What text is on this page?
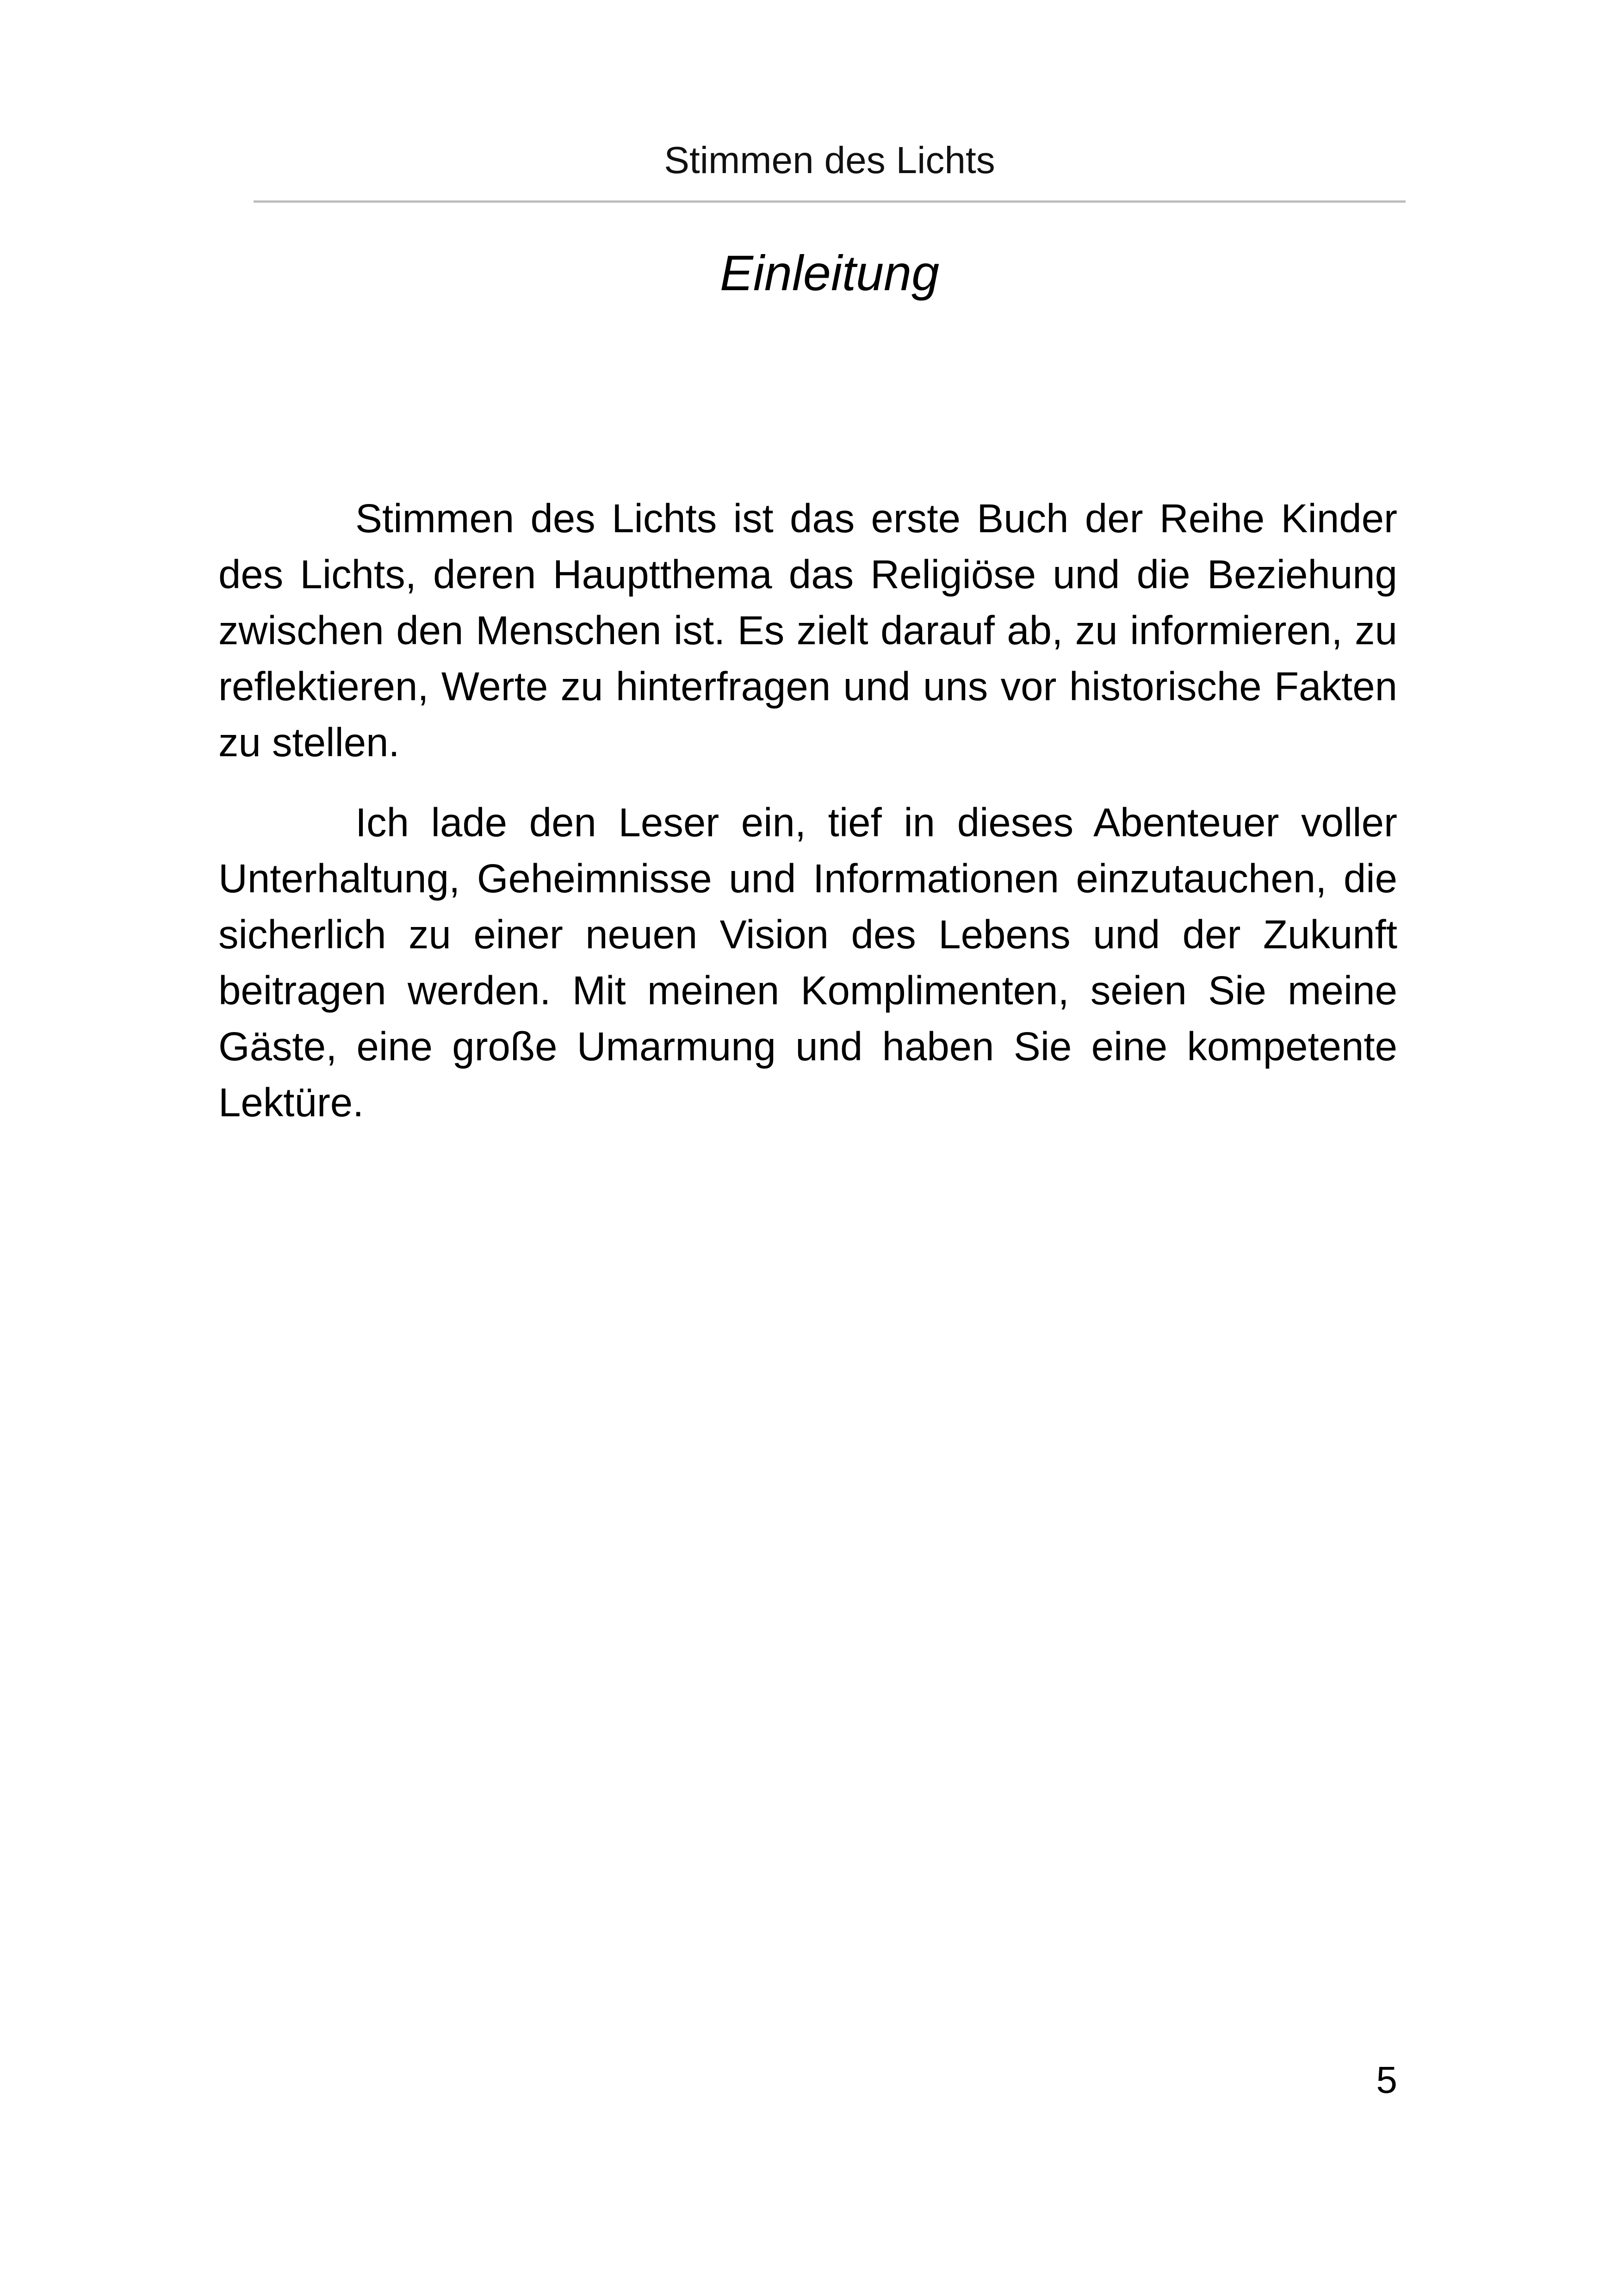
Stimmen des Lichts
Einleitung

Stimmen des Lichts ist das erste Buch der Reihe Kinder des Lichts, deren Hauptthema das Religiöse und die Beziehung zwischen den Menschen ist. Es zielt darauf ab, zu informieren, zu reflektieren, Werte zu hinterfragen und uns vor historische Fakten zu stellen.

Ich lade den Leser ein, tief in dieses Abenteuer voller Unterhaltung, Geheimnisse und Informationen einzutauchen, die sicherlich zu einer neuen Vision des Lebens und der Zukunft beitragen werden. Mit meinen Komplimenten, seien Sie meine Gäste, eine große Umarmung und haben Sie eine kompetente Lektüre.

5
